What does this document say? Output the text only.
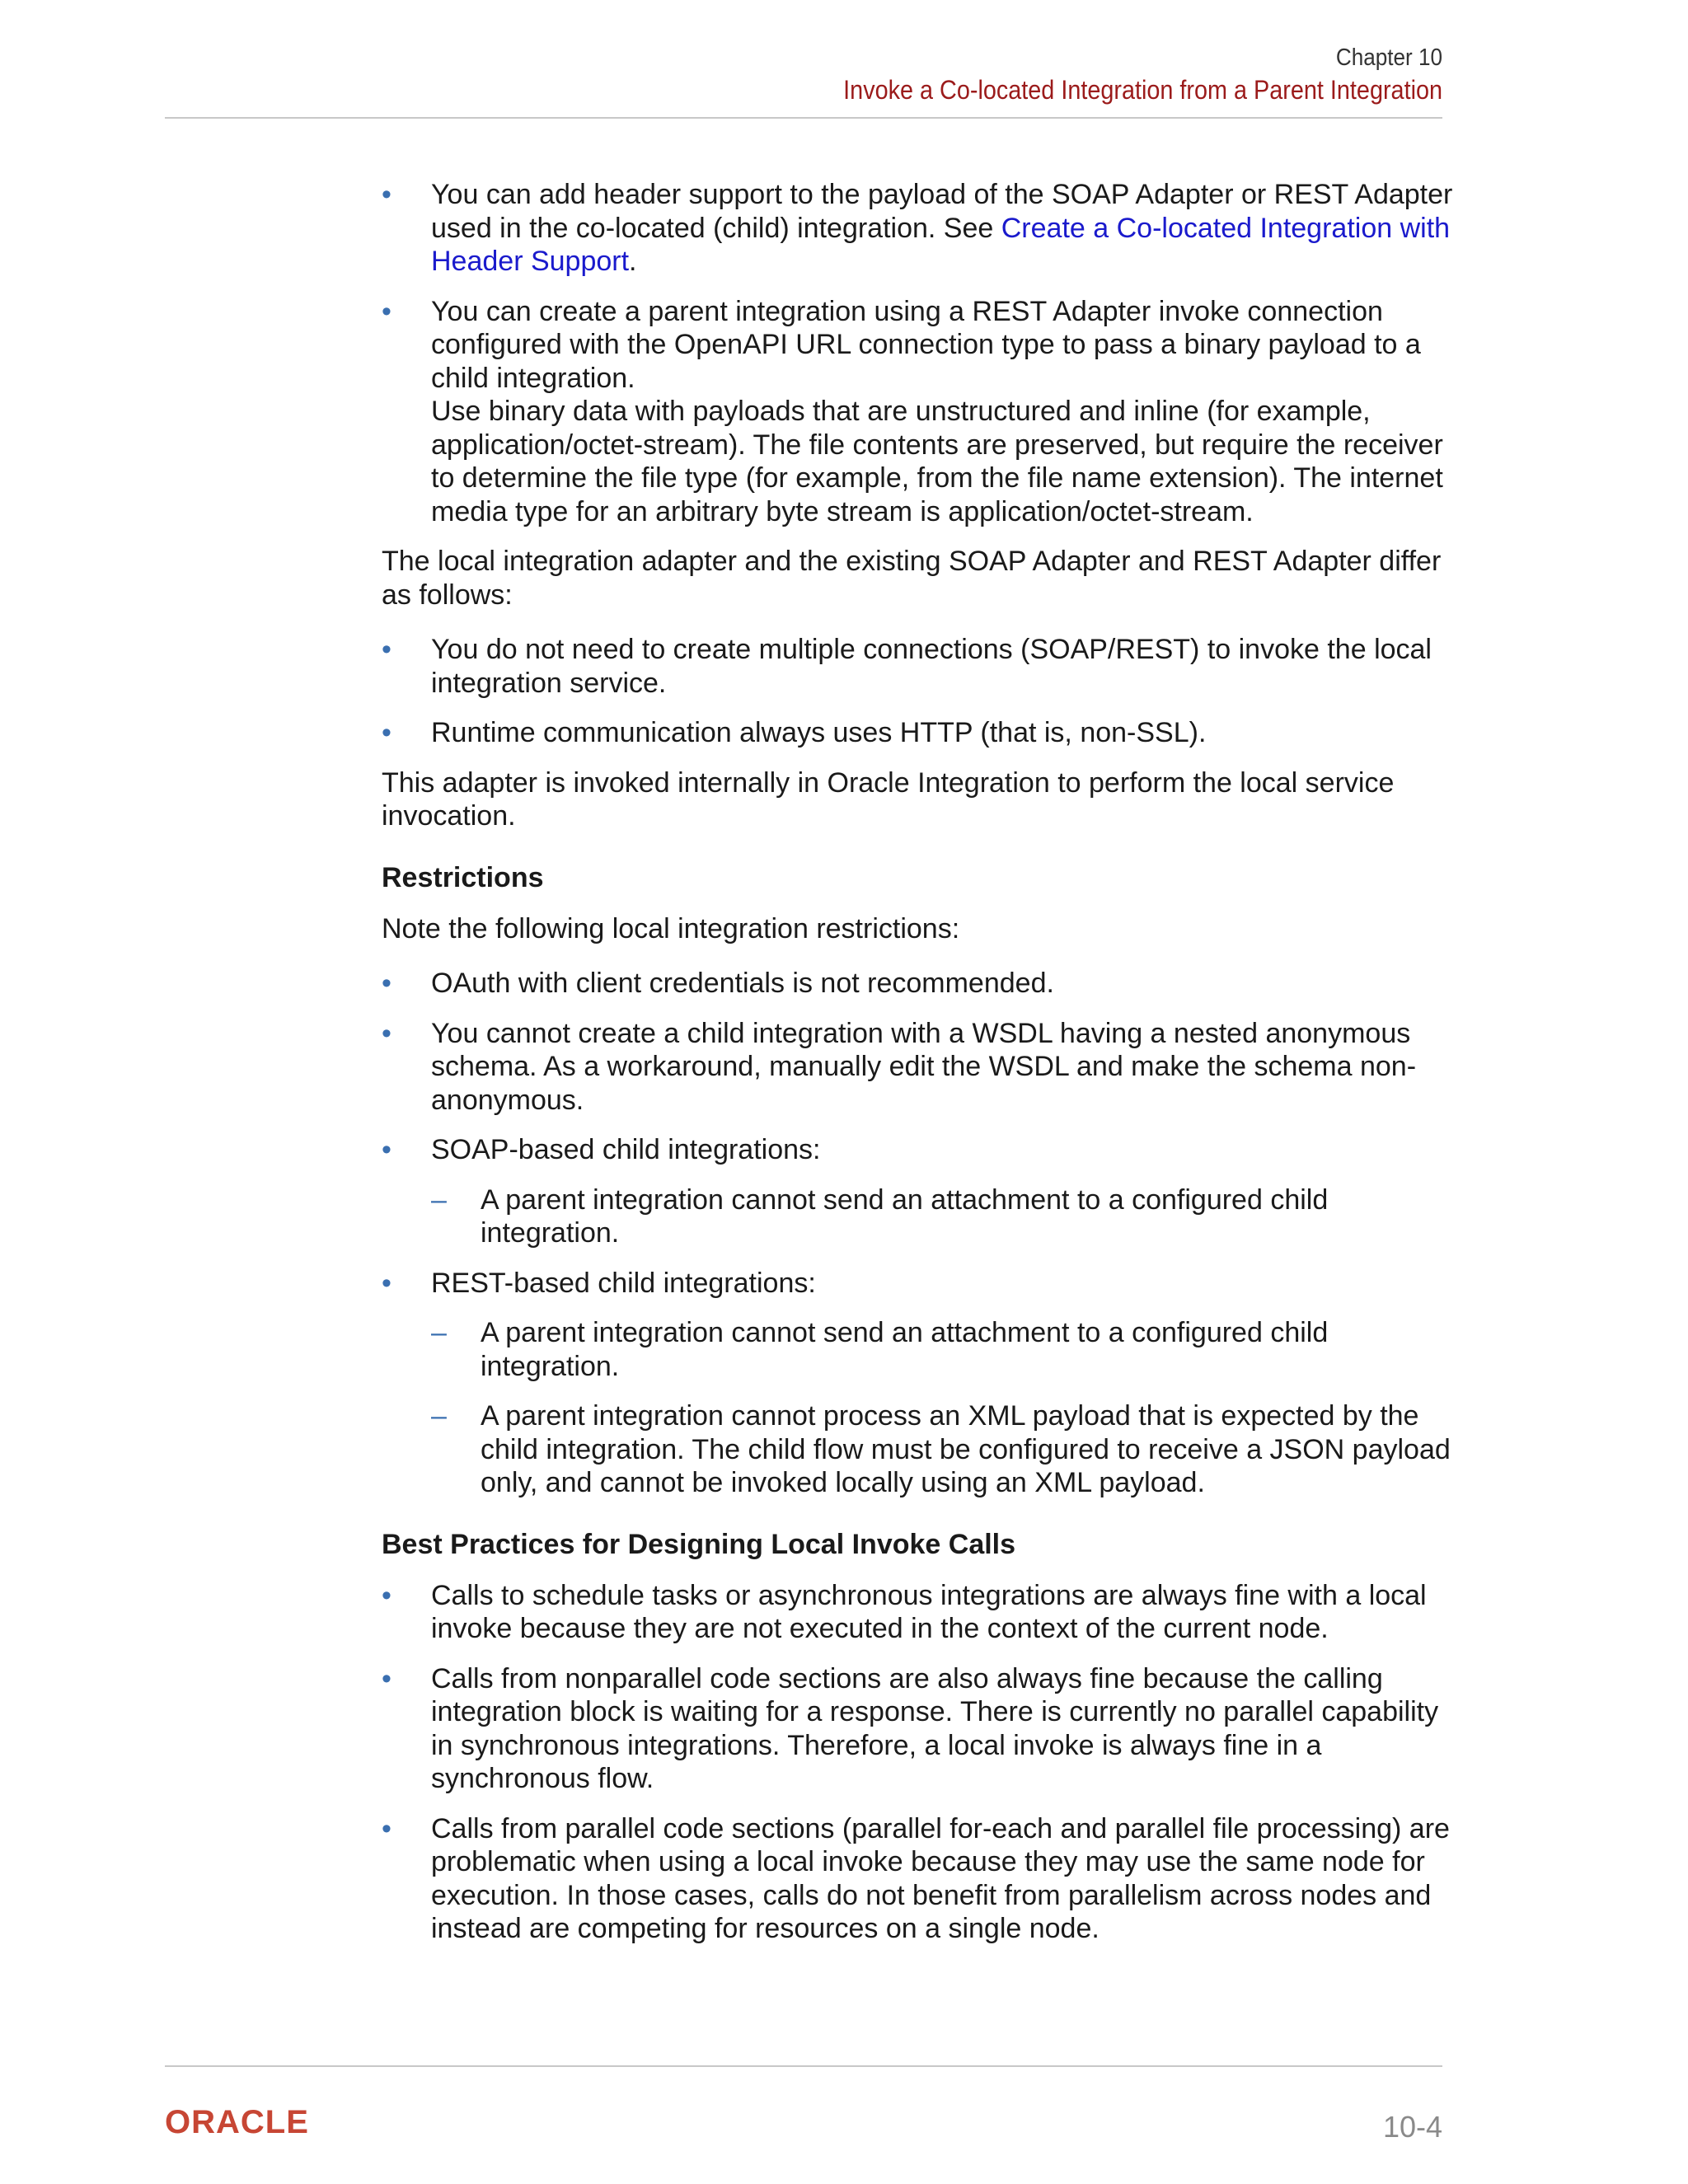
Chapter 10
Invoke a Co-located Integration from a Parent Integration
• You can add header support to the payload of the SOAP Adapter or REST Adapter used in the co-located (child) integration. See Create a Co-located Integration with Header Support.
• You can create a parent integration using a REST Adapter invoke connection configured with the OpenAPI URL connection type to pass a binary payload to a child integration.
Use binary data with payloads that are unstructured and inline (for example, application/octet-stream). The file contents are preserved, but require the receiver to determine the file type (for example, from the file name extension). The internet media type for an arbitrary byte stream is application/octet-stream.

The local integration adapter and the existing SOAP Adapter and REST Adapter differ as follows:

• You do not need to create multiple connections (SOAP/REST) to invoke the local integration service.
• Runtime communication always uses HTTP (that is, non-SSL).

This adapter is invoked internally in Oracle Integration to perform the local service invocation.

Restrictions

Note the following local integration restrictions:

• OAuth with client credentials is not recommended.
• You cannot create a child integration with a WSDL having a nested anonymous schema. As a workaround, manually edit the WSDL and make the schema non-anonymous.
• SOAP-based child integrations:
– A parent integration cannot send an attachment to a configured child integration.
• REST-based child integrations:
– A parent integration cannot send an attachment to a configured child integration.
– A parent integration cannot process an XML payload that is expected by the child integration. The child flow must be configured to receive a JSON payload only, and cannot be invoked locally using an XML payload.
Best Practices for Designing Local Invoke Calls
• Calls to schedule tasks or asynchronous integrations are always fine with a local invoke because they are not executed in the context of the current node.
• Calls from nonparallel code sections are also always fine because the calling integration block is waiting for a response. There is currently no parallel capability in synchronous integrations. Therefore, a local invoke is always fine in a synchronous flow.
• Calls from parallel code sections (parallel for-each and parallel file processing) are problematic when using a local invoke because they may use the same node for execution. In those cases, calls do not benefit from parallelism across nodes and instead are competing for resources on a single node.
ORACLE	10-4
